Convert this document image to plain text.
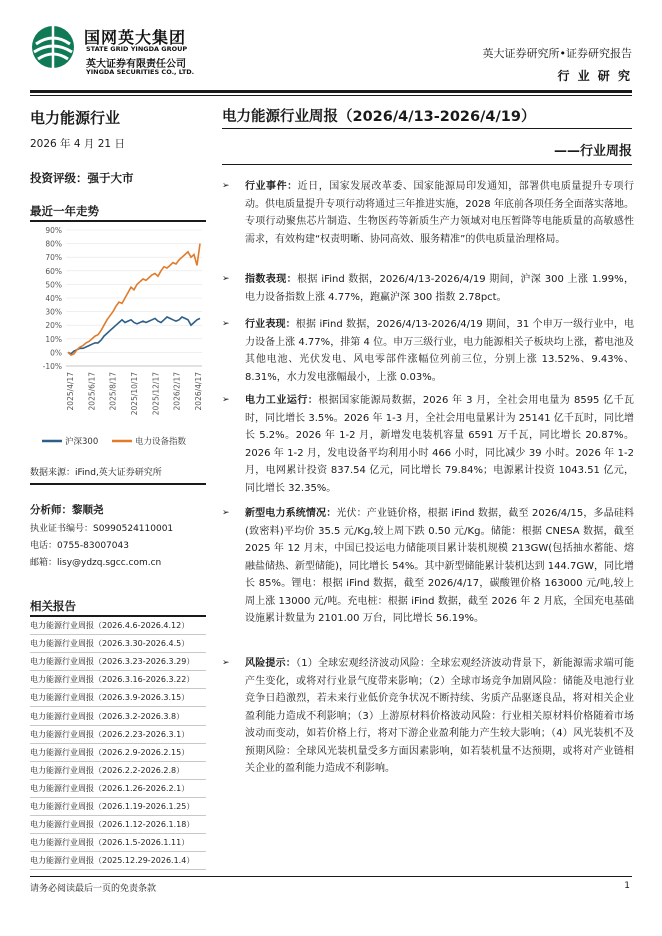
国网英大集团
STATE GRID YINGDA GROUP
英大证券有限责任公司
YINGDA SECURITIES CO., LTD.
英大证券研究所•证券研究报告
行 业 研 究
电力能源行业
2026 年 4 月 21 日
投资评级：强于大市
最近一年走势
90%
80%
70%
60%
50%
40%
30%
20%
10%
0%
-10%
2025/4/17 2025/6/17 2025/8/17 2025/10/17 2025/12/17 2026/2/17 2026/4/17
沪深300	电力设备指数
数据来源：iFind,英大证券研究所
分析师：黎顺尧
执业证书编号：S0990524110001
电话：0755-83007043
邮箱：lisy@ydzq.sgcc.com.cn
相关报告
电力能源行业周报（2026.4.6-2026.4.12）
电力能源行业周报（2026.3.30-2026.4.5）
电力能源行业周报（2026.3.23-2026.3.29）
电力能源行业周报（2026.3.16-2026.3.22）
电力能源行业周报（2026.3.9-2026.3.15）
电力能源行业周报（2026.3.2-2026.3.8）
电力能源行业周报（2026.2.23-2026.3.1）
电力能源行业周报（2026.2.9-2026.2.15）
电力能源行业周报（2026.2.2-2026.2.8）
电力能源行业周报（2026.1.26-2026.2.1）
电力能源行业周报（2026.1.19-2026.1.25）
电力能源行业周报（2026.1.12-2026.1.18）
电力能源行业周报（2026.1.5-2026.1.11）
电力能源行业周报（2025.12.29-2026.1.4）
电力能源行业周报（2026/4/13-2026/4/19）
——行业周报
➢ 行业事件：近日，国家发展改革委、国家能源局印发通知，部署供电质量提升专项行动。供电质量提升专项行动将通过三年推进实施，2028 年底前各项任务全面落实落地。专项行动聚焦芯片制造、生物医药等新质生产力领域对电压暂降等电能质量的高敏感性需求，有效构建“权责明晰、协同高效、服务精准”的供电质量治理格局。
➢ 指数表现：根据 iFind 数据，2026/4/13-2026/4/19 期间，沪深 300 上涨 1.99%，电力设备指数上涨 4.77%，跑赢沪深 300 指数 2.78pct。
➢ 行业表现：根据 iFind 数据，2026/4/13-2026/4/19 期间，31 个申万一级行业中，电力设备上涨 4.77%，排第 4 位。申万三级行业，电力能源相关子板块均上涨，蓄电池及其他电池、光伏发电、风电零部件涨幅位列前三位，分别上涨 13.52%、9.43%、8.31%，水力发电涨幅最小，上涨 0.03%。
➢ 电力工业运行：根据国家能源局数据，2026 年 3 月，全社会用电量为 8595 亿千瓦时，同比增长 3.5%。2026 年 1-3 月，全社会用电量累计为 25141 亿千瓦时，同比增长 5.2%。2026 年 1-2 月，新增发电装机容量 6591 万千瓦，同比增长 20.87%。2026 年 1-2 月，发电设备平均利用小时 466 小时，同比减少 39 小时。2026 年 1-2 月，电网累计投资 837.54 亿元，同比增长 79.84%；电源累计投资 1043.51 亿元，同比增长 32.35%。
➢ 新型电力系统情况：光伏：产业链价格，根据 iFind 数据，截至 2026/4/15，多晶硅料(致密料)平均价 35.5 元/Kg,较上周下跌 0.50 元/Kg。储能：根据 CNESA 数据，截至 2025 年 12 月末，中国已投运电力储能项目累计装机规模 213GW(包括抽水蓄能、熔融盐储热、新型储能)，同比增长 54%。其中新型储能累计装机达到 144.7GW，同比增长 85%。锂电：根据 iFind 数据，截至 2026/4/17，碳酸锂价格 163000 元/吨,较上周上涨 13000 元/吨。充电桩：根据 iFind 数据，截至 2026 年 2 月底，全国充电基础设施累计数量为 2101.00 万台，同比增长 56.19%。
➢ 风险提示：（1）全球宏观经济波动风险：全球宏观经济波动背景下，新能源需求端可能产生变化，或将对行业景气度带来影响；（2）全球市场竞争加剧风险：储能及电池行业竞争日趋激烈，若未来行业低价竞争状况不断持续、劣质产品驱逐良品，将对相关企业盈利能力造成不利影响；（3）上游原材料价格波动风险：行业相关原材料价格随着市场波动而变动，如若价格上行，将对下游企业盈利能力产生较大影响；（4）风光装机不及预期风险：全球风光装机量受多方面因素影响，如若装机量不达预期，或将对产业链相关企业的盈利能力造成不利影响。
请务必阅读最后一页的免责条款	1
